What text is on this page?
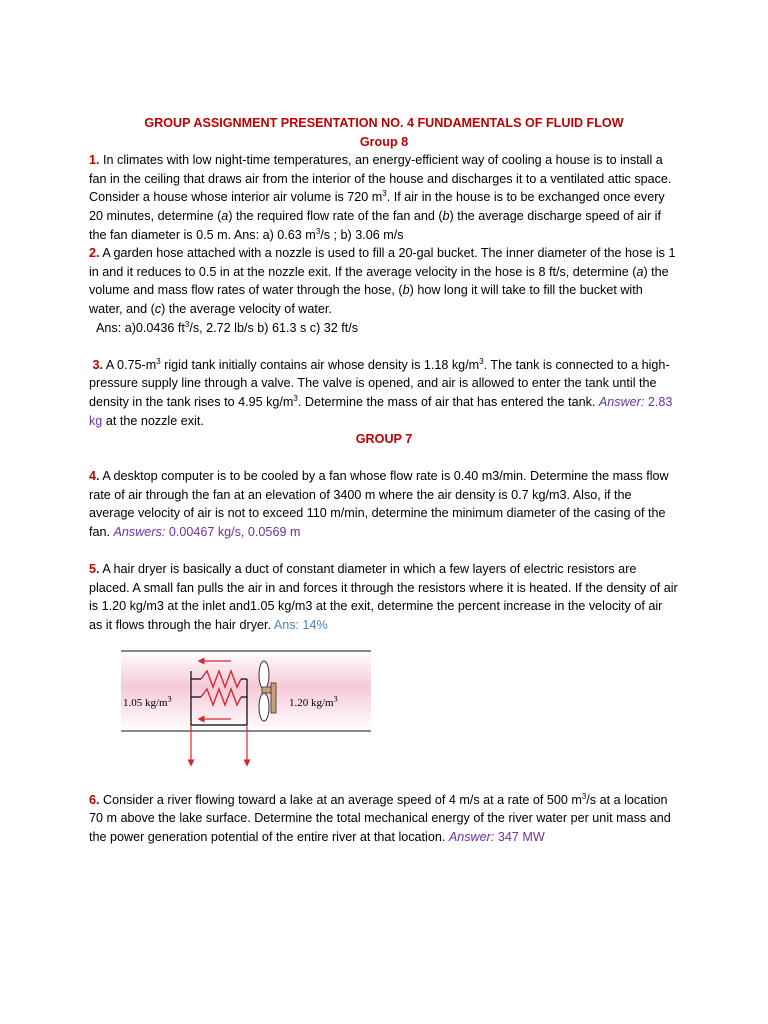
GROUP ASSIGNMENT PRESENTATION NO. 4 FUNDAMENTALS OF FLUID FLOW
Group 8

1. In climates with low night-time temperatures, an energy-efficient way of cooling a house is to install a fan in the ceiling that draws air from the interior of the house and discharges it to a ventilated attic space. Consider a house whose interior air volume is 720 $m^3$. If air in the house is to be exchanged once every 20 minutes, determine (a) the required flow rate of the fan and (b) the average discharge speed of air if the fan diameter is 0.5 m. Ans: a) 0.63 $m^3/s$ ; b) 3.06 m/s

2. A garden hose attached with a nozzle is used to fill a 20-gal bucket. The inner diameter of the hose is 1 in and it reduces to 0.5 in at the nozzle exit. If the average velocity in the hose is 8 ft/s, determine (a) the volume and mass flow rates of water through the hose, (b) how long it will take to fill the bucket with water, and (c) the average velocity of water.

Ans: a)0.0436 $ft^3/s$, 2.72 lb/s b) 61.3 s c) 32 ft/s

3. A $0.75-m^3$ rigid tank initially contains air whose density is 1.18 $kg/m^3$. The tank is connected to a high-pressure supply line through a valve. The valve is opened, and air is allowed to enter the tank until the density in the tank rises to 4.95 $kg/m^3$. Determine the mass of air that has entered the tank. Answer: 2.83 kg at the nozzle exit.

GROUP 7

4. A desktop computer is to be cooled by a fan whose flow rate is 0.40 m3/min. Determine the mass flow rate of air through the fan at an elevation of 3400 m where the air density is 0.7 kg/m3. Also, if the average velocity of air is not to exceed 110 m/min, determine the minimum diameter of the casing of the fan. Answers: 0.00467 kg/s, 0.0569 m

5. A hair dryer is basically a duct of constant diameter in which a few layers of electric resistors are placed. A small fan pulls the air in and forces it through the resistors where it is heated. If the density of air is 1.20 kg/m3 at the inlet and1.05 kg/m3 at the exit, determine the percent increase in the velocity of air as it flows through the hair dryer. Ans: 14%

1.05 $kg/m^3$	1.20 $kg/m^3$

6. Consider a river flowing toward a lake at an average speed of 4 m/s at a rate of 500 $m^3/s$ at a location 70 m above the lake surface. Determine the total mechanical energy of the river water per unit mass and the power generation potential of the entire river at that location. Answer: 347 MW
